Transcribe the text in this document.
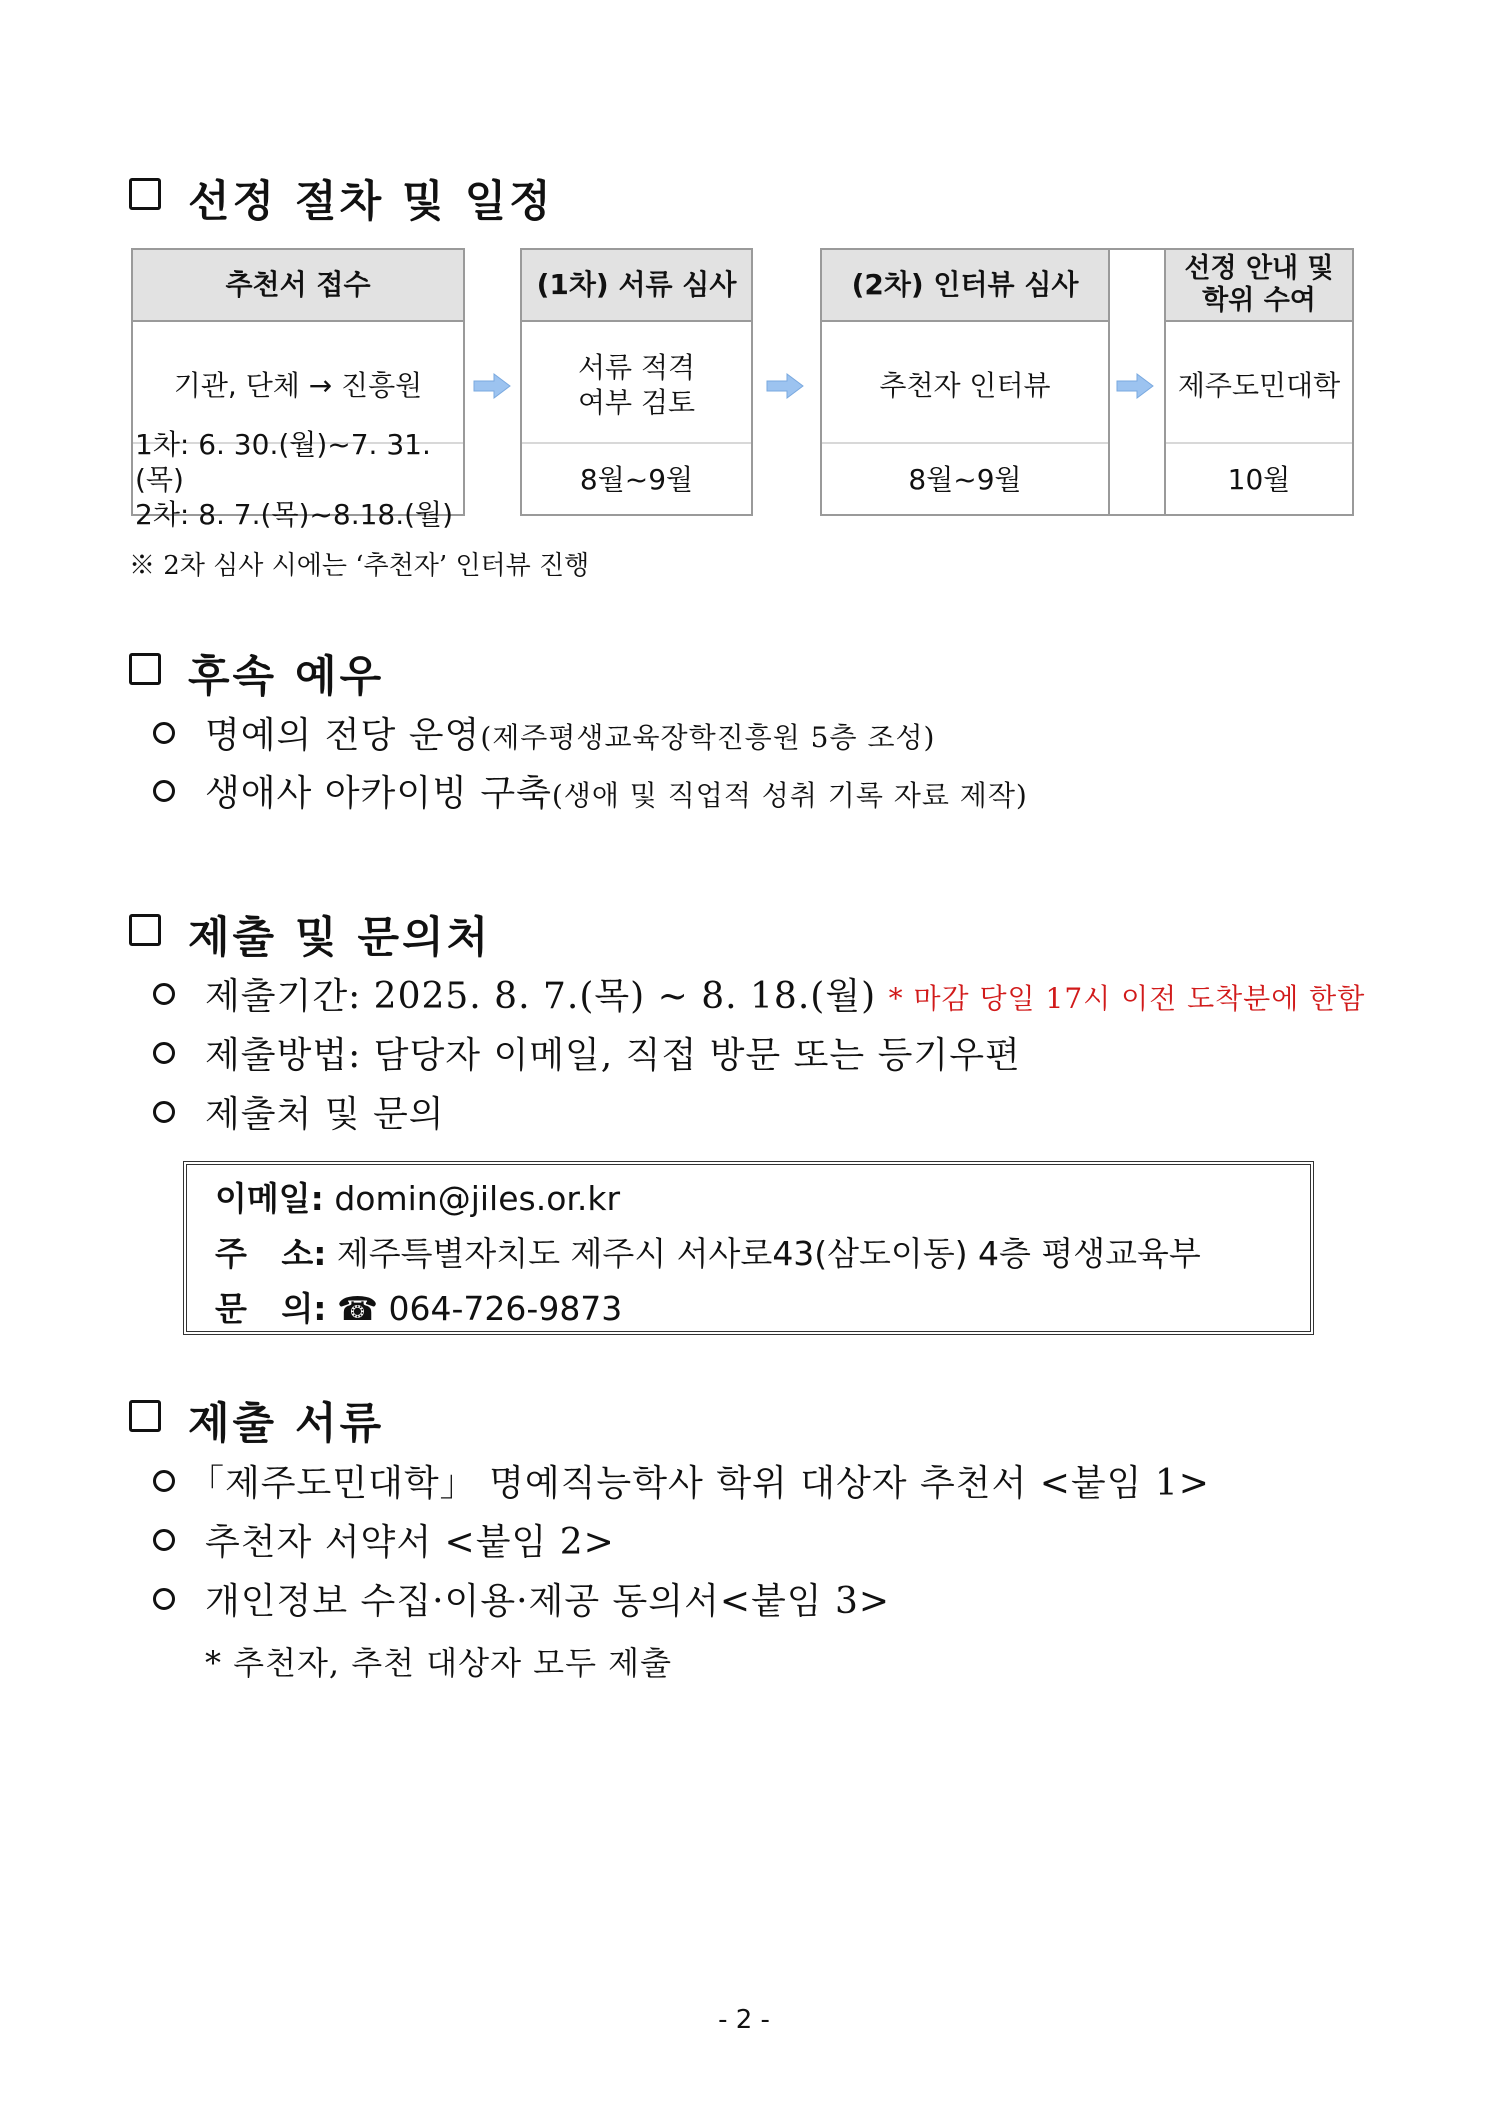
선정 절차 및 일정
추천서 접수
기관, 단체 → 진흥원
1차: 6. 30.(월)~7. 31.(목)
2차: 8. 7.(목)~8.18.(월)
(1차) 서류 심사
서류 적격
여부 검토
8월~9월
(2차) 인터뷰 심사
추천자 인터뷰
8월~9월
선정 안내 및
학위 수여
제주도민대학
10월
※ 2차 심사 시에는 ‘추천자’ 인터뷰 진행
후속 예우
명예의 전당 운영(제주평생교육장학진흥원 5층 조성)
생애사 아카이빙 구축(생애 및 직업적 성취 기록 자료 제작)
제출 및 문의처
제출기간: 2025. 8. 7.(목) ~ 8. 18.(월) * 마감 당일 17시 이전 도착분에 한함
제출방법: 담당자 이메일, 직접 방문 또는 등기우편
제출처 및 문의
이메일: domin@jiles.or.kr
주   소: 제주특별자치도 제주시 서사로43(삼도이동) 4층 평생교육부
문   의: ☎ 064-726-9873
제출 서류
「제주도민대학」 명예직능학사 학위 대상자 추천서 <붙임 1>
추천자 서약서 <붙임 2>
개인정보 수집·이용·제공 동의서<붙임 3>
* 추천자, 추천 대상자 모두 제출
- 2 -
